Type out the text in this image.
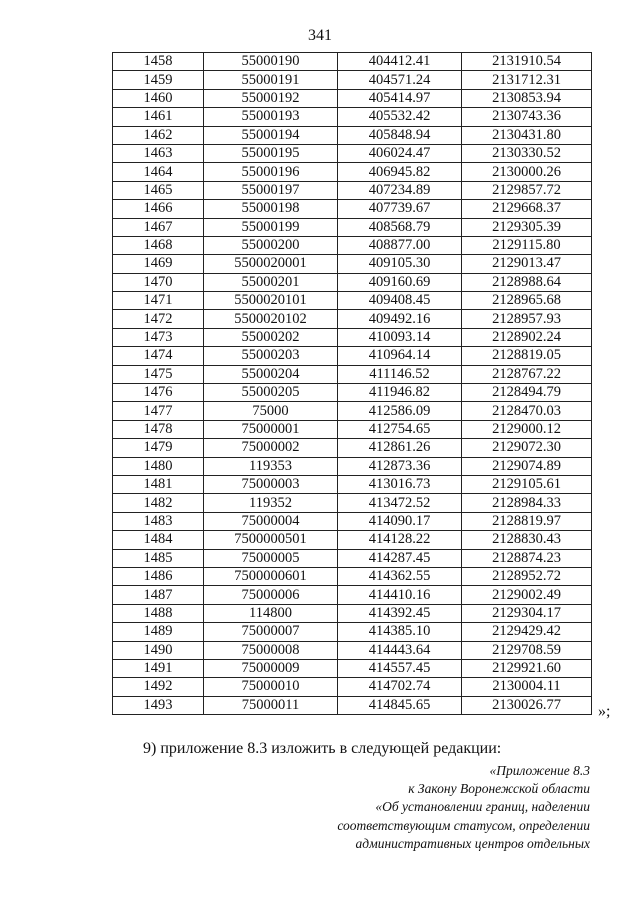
341
1458	55000190	404412.41	2131910.54
1459	55000191	404571.24	2131712.31
1460	55000192	405414.97	2130853.94
1461	55000193	405532.42	2130743.36
1462	55000194	405848.94	2130431.80
1463	55000195	406024.47	2130330.52
1464	55000196	406945.82	2130000.26
1465	55000197	407234.89	2129857.72
1466	55000198	407739.67	2129668.37
1467	55000199	408568.79	2129305.39
1468	55000200	408877.00	2129115.80
1469	5500020001	409105.30	2129013.47
1470	55000201	409160.69	2128988.64
1471	5500020101	409408.45	2128965.68
1472	5500020102	409492.16	2128957.93
1473	55000202	410093.14	2128902.24
1474	55000203	410964.14	2128819.05
1475	55000204	411146.52	2128767.22
1476	55000205	411946.82	2128494.79
1477	75000	412586.09	2128470.03
1478	75000001	412754.65	2129000.12
1479	75000002	412861.26	2129072.30
1480	119353	412873.36	2129074.89
1481	75000003	413016.73	2129105.61
1482	119352	413472.52	2128984.33
1483	75000004	414090.17	2128819.97
1484	7500000501	414128.22	2128830.43
1485	75000005	414287.45	2128874.23
1486	7500000601	414362.55	2128952.72
1487	75000006	414410.16	2129002.49
1488	114800	414392.45	2129304.17
1489	75000007	414385.10	2129429.42
1490	75000008	414443.64	2129708.59
1491	75000009	414557.45	2129921.60
1492	75000010	414702.74	2130004.11
1493	75000011	414845.65	2130026.77 »;
9) приложение 8.3 изложить в следующей редакции:
«Приложение 8.3
к Закону Воронежской области
«Об установлении границ, наделении
соответствующим статусом, определении
административных центров отдельных
